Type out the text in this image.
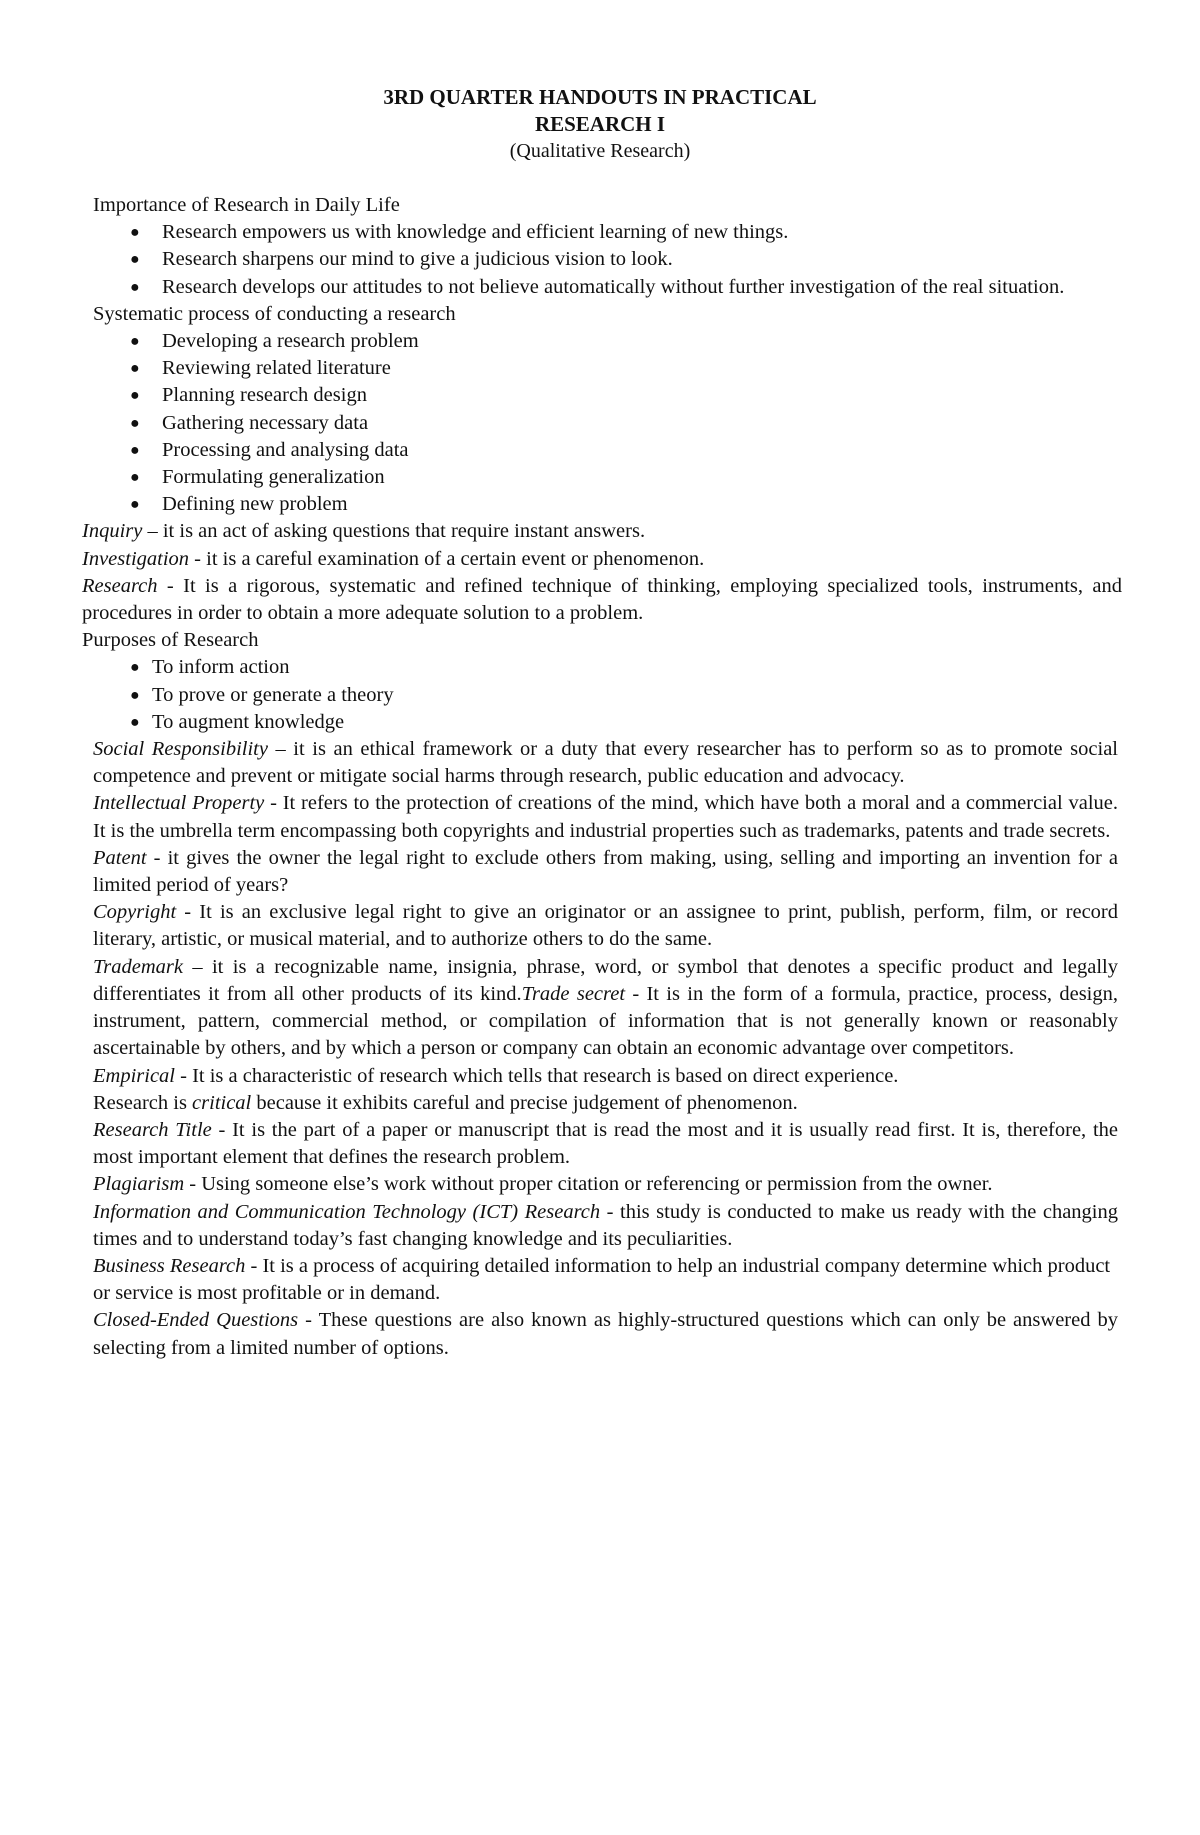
3RD QUARTER HANDOUTS IN PRACTICAL
RESEARCH I
(Qualitative Research)
Importance of Research in Daily Life
● Research empowers us with knowledge and efficient learning of new things.
● Research sharpens our mind to give a judicious vision to look.
● Research develops our attitudes to not believe automatically without further investigation of the real situation.
Systematic process of conducting a research
● Developing a research problem
● Reviewing related literature
● Planning research design
● Gathering necessary data
● Processing and analysing data
● Formulating generalization
● Defining new problem

Inquiry – it is an act of asking questions that require instant answers.

Investigation - it is a careful examination of a certain event or phenomenon.

Research - It is a rigorous, systematic and refined technique of thinking, employing specialized tools, instruments, and procedures in order to obtain a more adequate solution to a problem.

Purposes of Research
● To inform action
● To prove or generate a theory
● To augment knowledge

Social Responsibility – it is an ethical framework or a duty that every researcher has to perform so as to promote social competence and prevent or mitigate social harms through research, public education and advocacy.

Intellectual Property - It refers to the protection of creations of the mind, which have both a moral and a commercial value. It is the umbrella term encompassing both copyrights and industrial properties such as trademarks, patents and trade secrets.

Patent - it gives the owner the legal right to exclude others from making, using, selling and importing an invention for a limited period of years?

Copyright - It is an exclusive legal right to give an originator or an assignee to print, publish, perform, film, or record literary, artistic, or musical material, and to authorize others to do the same.

Trademark – it is a recognizable name, insignia, phrase, word, or symbol that denotes a specific product and legally differentiates it from all other products of its kind.Trade secret - It is in the form of a formula, practice, process, design, instrument, pattern, commercial method, or compilation of information that is not generally known or reasonably ascertainable by others, and by which a person or company can obtain an economic advantage over competitors.

Empirical - It is a characteristic of research which tells that research is based on direct experience.

Research is critical because it exhibits careful and precise judgement of phenomenon.

Research Title - It is the part of a paper or manuscript that is read the most and it is usually read first. It is, therefore, the most important element that defines the research problem.

Plagiarism - Using someone else’s work without proper citation or referencing or permission from the owner.

Information and Communication Technology (ICT) Research - this study is conducted to make us ready with the changing times and to understand today’s fast changing knowledge and its peculiarities.

Business Research - It is a process of acquiring detailed information to help an industrial company determine which product or service is most profitable or in demand.

Closed-Ended Questions - These questions are also known as highly-structured questions which can only be answered by selecting from a limited number of options.
